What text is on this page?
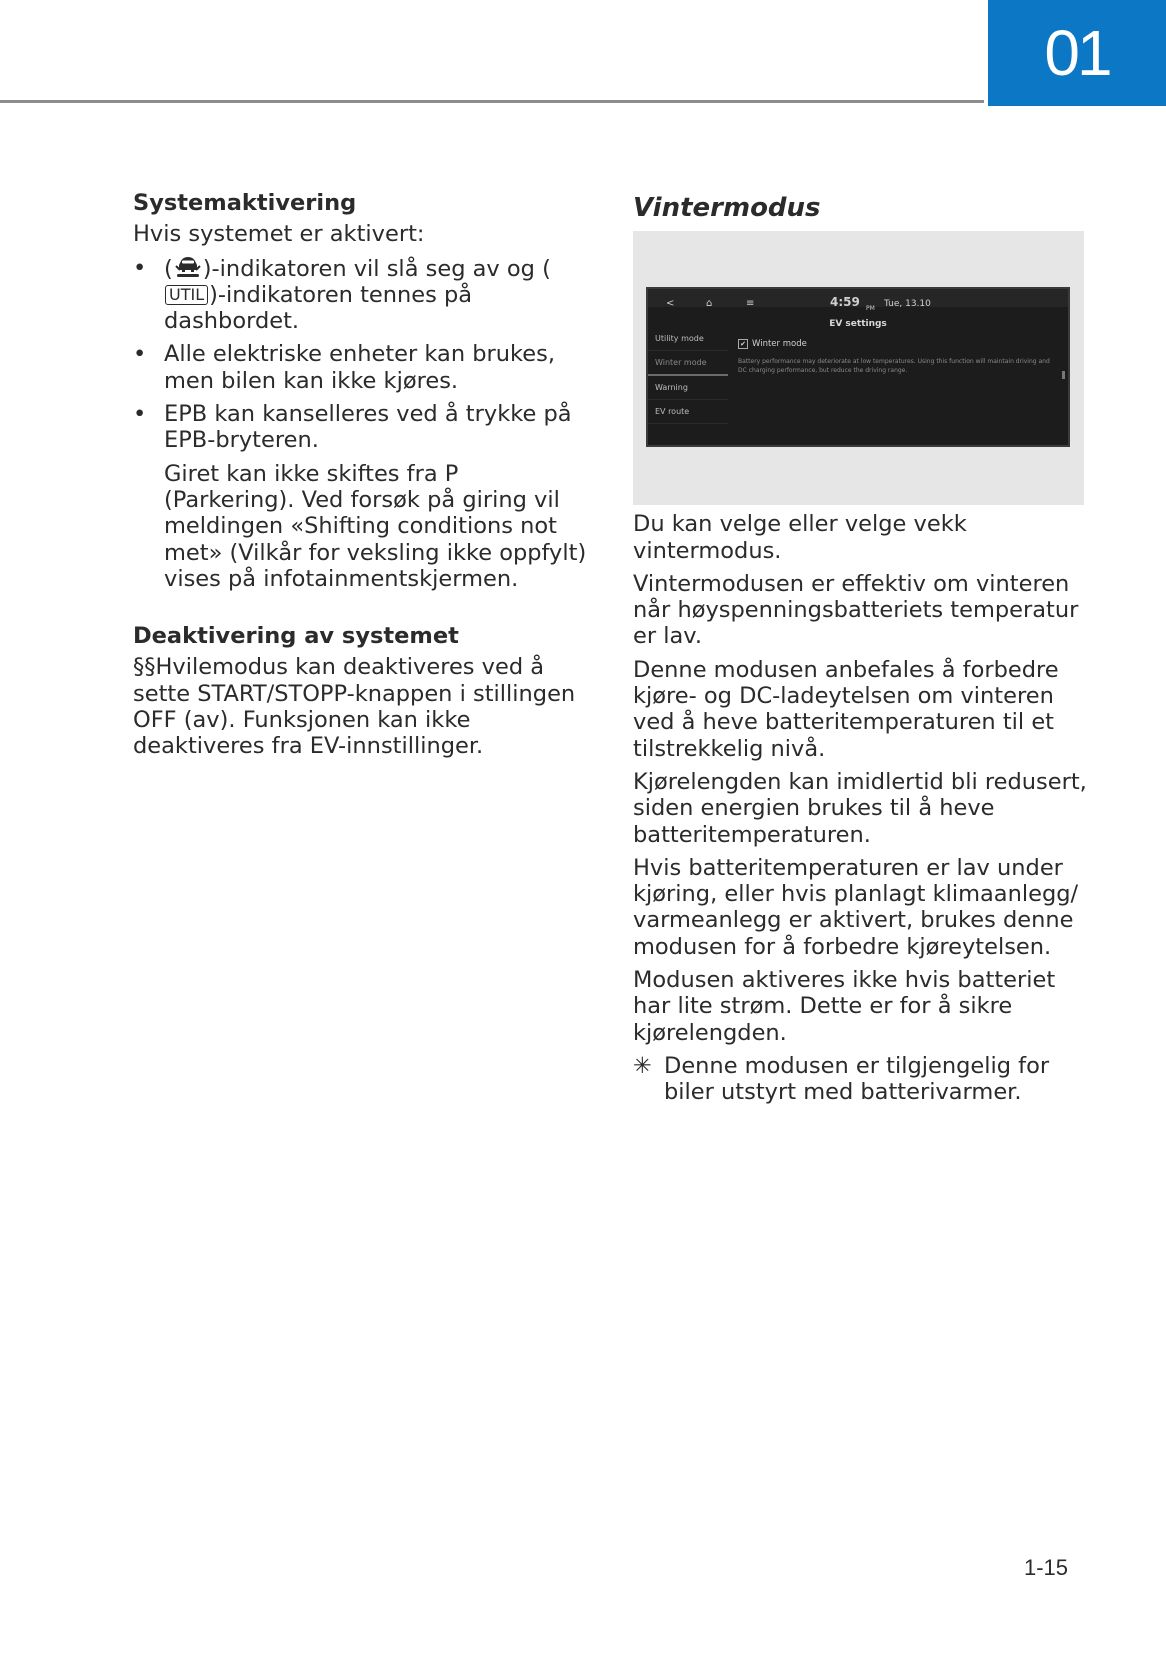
01
Systemaktivering

Hvis systemet er aktivert:

• ( )-indikatoren vil slå seg av og (UTIL )-indikatoren tennes på dashbordet.
• Alle elektriske enheter kan brukes, men bilen kan ikke kjøres.
• EPB kan kanselleres ved å trykke på EPB-bryteren.

Giret kan ikke skiftes fra P (Parkering). Ved forsøk på giring vil meldingen «Shifting conditions not met» (Vilkår for veksling ikke oppfylt) vises på infotainmentskjermen.

Deaktivering av systemet

§§Hvilemodus kan deaktiveres ved å sette START/STOPP-knappen i stillingen OFF (av). Funksjonen kan ikke deaktiveres fra EV-innstillinger.

Vintermodus
<	⌂	≡	4:59 PM Tue, 13.10
EV settings
Utility mode
Winter mode
Warning
EV route
✔ Winter mode
Battery performance may deteriorate at low temperatures. Using this function will maintain driving and DC charging performance, but reduce the driving range.

Du kan velge eller velge vekk vintermodus.

Vintermodusen er effektiv om vinteren når høyspenningsbatteriets temperatur er lav.

Denne modusen anbefales å forbedre kjøre- og DC-ladeytelsen om vinteren ved å heve batteritemperaturen til et tilstrekkelig nivå.

Kjørelengden kan imidlertid bli redusert, siden energien brukes til å heve batteritemperaturen.

Hvis batteritemperaturen er lav under kjøring, eller hvis planlagt klimaanlegg/ varmeanlegg er aktivert, brukes denne modusen for å forbedre kjøreytelsen.

Modusen aktiveres ikke hvis batteriet har lite strøm. Dette er for å sikre kjørelengden.

✳ Denne modusen er tilgjengelig for biler utstyrt med batterivarmer.
1-15
